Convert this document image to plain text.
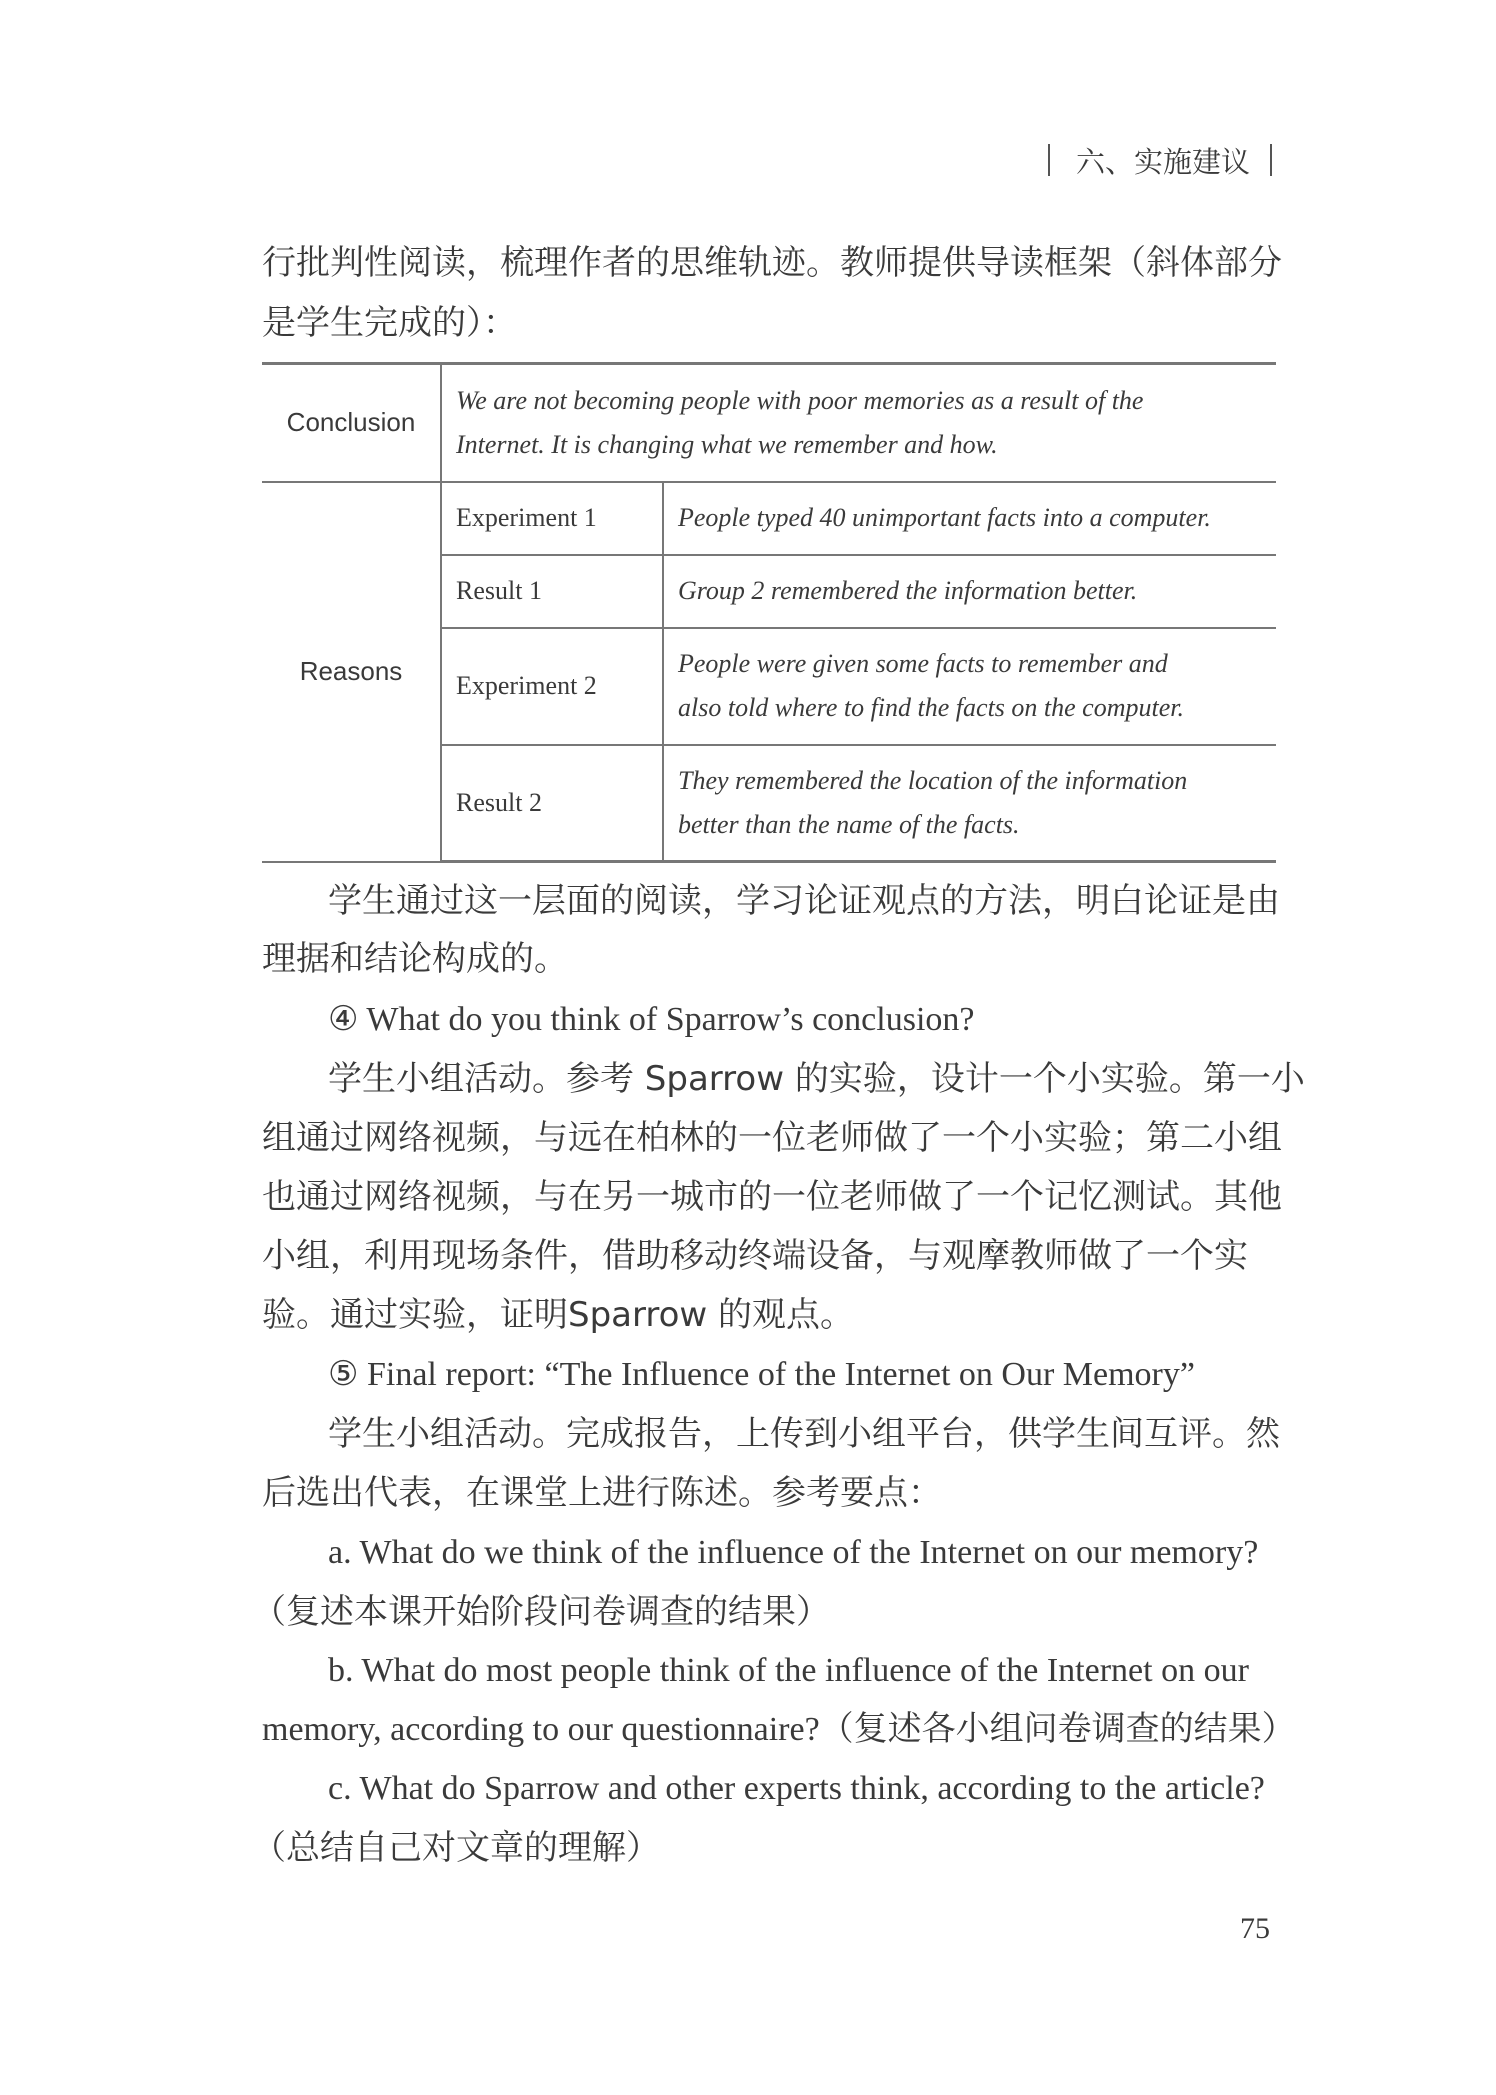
六、实施建议
行批判性阅读，梳理作者的思维轨迹。教师提供导读框架（斜体部分
是学生完成的）：
Conclusion	We are not becoming people with poor memories as a result of the
Internet. It is changing what we remember and how.	

Reasons	Experiment 1	People typed 40 unimportant facts into a computer.
	Result 1	Group 2 remembered the information better.
	Experiment 2	People were given some facts to remember and
also told where to find the facts on the computer.

	Result 2	They remembered the location of the information
better than the name of the facts.
学生通过这一层面的阅读，学习论证观点的方法，明白论证是由
理据和结论构成的。
④ What do you think of Sparrow’s conclusion?
学生小组活动。参考 Sparrow 的实验，设计一个小实验。第一小
组通过网络视频，与远在柏林的一位老师做了一个小实验；第二小组
也通过网络视频，与在另一城市的一位老师做了一个记忆测试。其他
小组，利用现场条件，借助移动终端设备，与观摩教师做了一个实
验。通过实验，证明Sparrow 的观点。
⑤ Final report: “The Influence of the Internet on Our Memory”
学生小组活动。完成报告，上传到小组平台，供学生间互评。然
后选出代表，在课堂上进行陈述。参考要点：
a. What do we think of the influence of the Internet on our memory?
（复述本课开始阶段问卷调查的结果）
b. What do most people think of the influence of the Internet on our
memory, according to our questionnaire?（复述各小组问卷调查的结果）
c. What do Sparrow and other experts think, according to the article?
（总结自己对文章的理解）
75
